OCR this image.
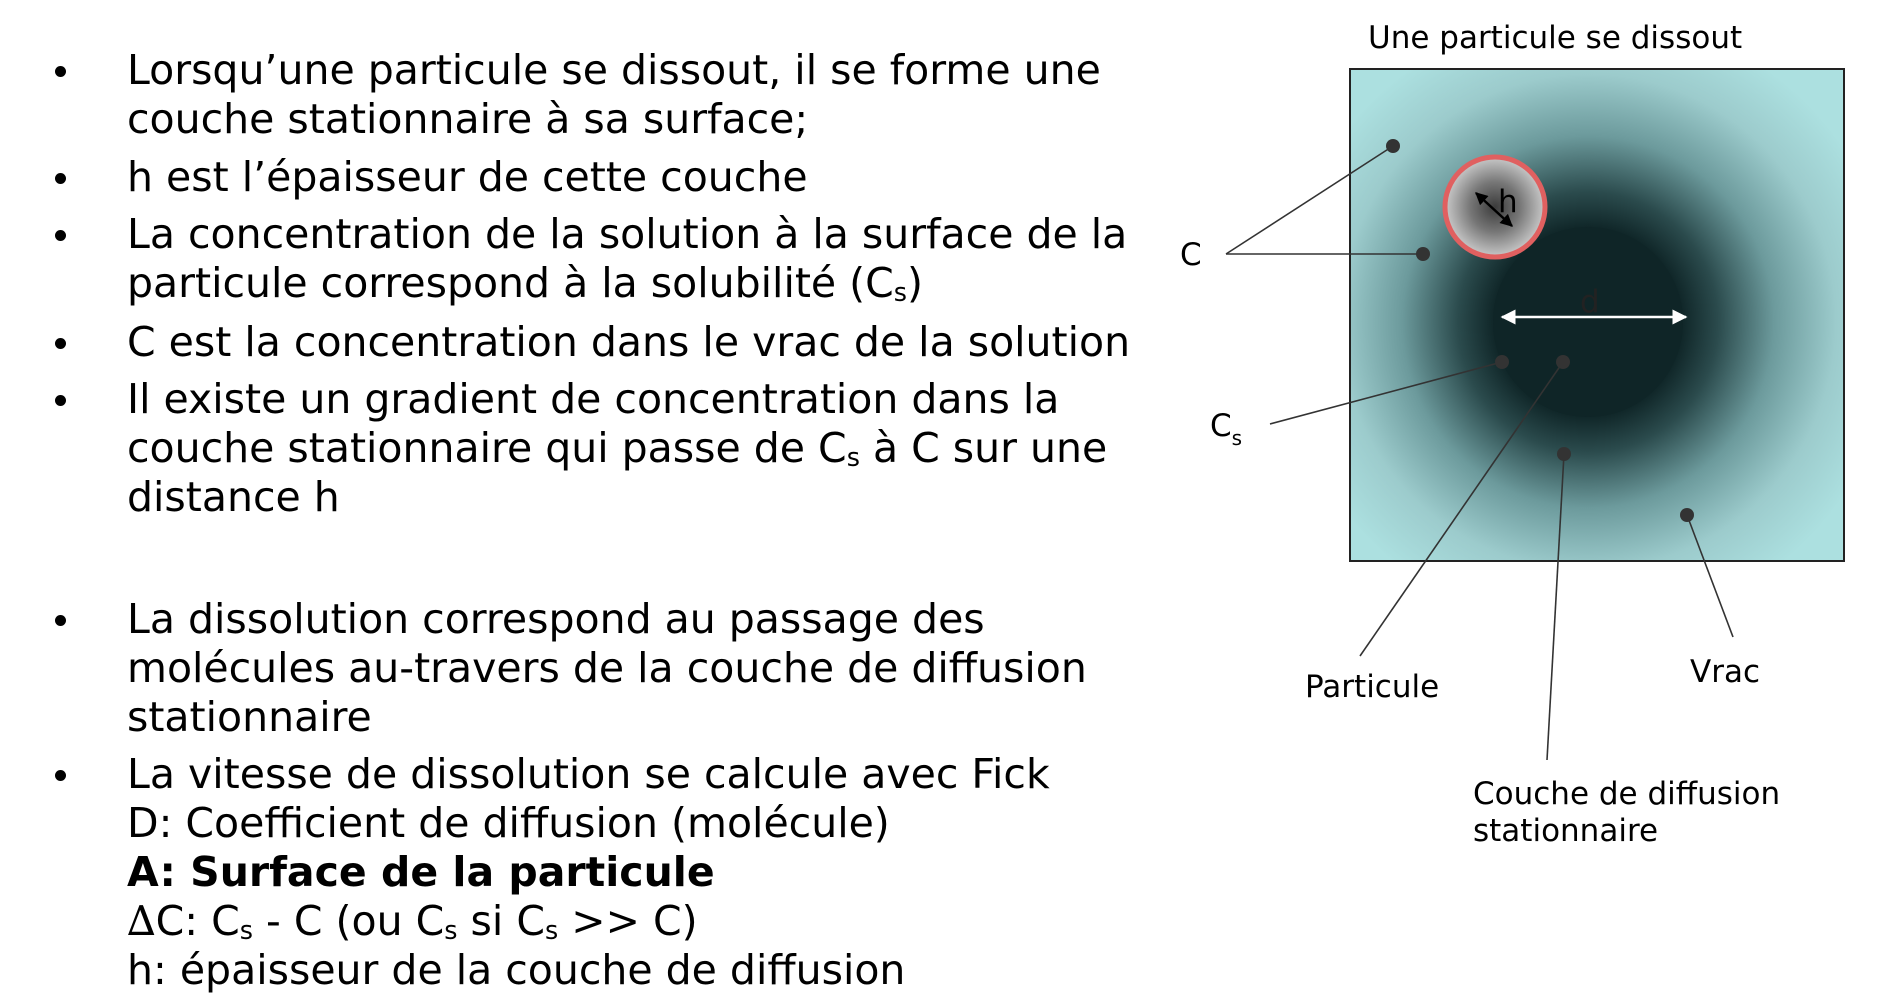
Lorsqu’une particule se dissout, il se forme une
couche stationnaire à sa surface;
h est l’épaisseur de cette couche
La concentration de la solution à la surface de la
particule correspond à la solubilité $(C_s)$
C est la concentration dans le vrac de la solution
Il existe un gradient de concentration dans la
couche stationnaire qui passe de $C_s$ à C sur une
distance h
La dissolution correspond au passage des
molécules au-travers de la couche de diffusion
stationnaire
La vitesse de dissolution se calcule avec Fick
D: Coefficient de diffusion (molécule)
A: Surface de la particule
∆C: $C_s$ - C (ou $C_s$ si $C_s >> C$)
h: épaisseur de la couche de diffusion
Une particule se dissout
h
d
C
$C_s$
Particule	Vrac
Couche de diffusion
stationnaire
